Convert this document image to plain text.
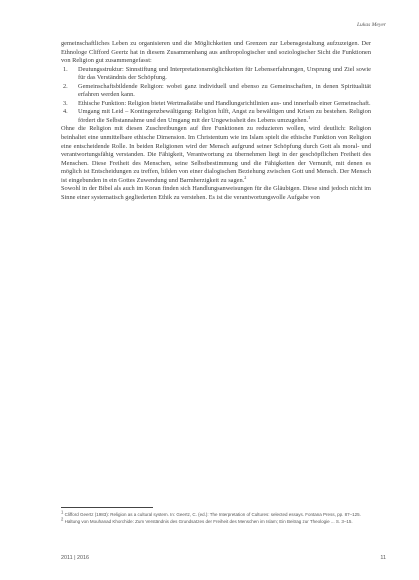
Lukas Meyer

gemeinschaftliches Leben zu organisieren und die Möglichkeiten und Grenzen zur Lebensgestaltung aufzuzeigen. Der Ethnologe Clifford Geertz hat in diesem Zusammenhang aus anthropologischer und soziologischer Sicht die Funktionen von Religion gut zusammengefasst:

1. Deutungsstruktur: Sinnstiftung und Interpretationsmöglichkeiten für Lebenserfahrungen, Ursprung und Ziel sowie für das Verständnis der Schöpfung.
2. Gemeinschaftsbildende Religion: wobei ganz individuell und ebenso zu Gemeinschaften, in denen Spiritualität erfahren werden kann.
3. Ethische Funktion: Religion bietet Wertmaßstäbe und Handlungsrichtlinien aus- und innerhalb einer Gemeinschaft.
4. Umgang mit Leid – Kontingenzbewältigung: Religion hilft, Angst zu bewältigen und Krisen zu bestehen. Religion fördert die Selbstannahme und den Umgang mit der Ungewissheit des Lebens umzugehen.$^1$

Ohne die Religion mit diesen Zuschreibungen auf ihre Funktionen zu reduzieren wollen, wird deutlich: Religion beinhaltet eine unmittelbare ethische Dimension. Im Christentum wie im Islam spielt die ethische Funktion von Religion eine entscheidende Rolle. In beiden Religionen wird der Mensch aufgrund seiner Schöpfung durch Gott als moral- und verantwortungsfähig verstanden. Die Fähigkeit, Verantwortung zu übernehmen liegt in der geschöpflichen Freiheit des Menschen. Diese Freiheit des Menschen, seine Selbstbestimmung und die Fähigkeiten der Vernunft, mit denen es möglich ist Entscheidungen zu treffen, bilden von einer dialogischen Beziehung zwischen Gott und Mensch. Der Mensch ist eingebunden in ein Gottes Zuwendung und Barmherzigkeit zu sagen.$^2$

Sowohl in der Bibel als auch im Koran finden sich Handlungsanweisungen für die Gläubigen. Diese sind jedoch nicht im Sinne einer systematisch gegliederten Ethik zu verstehen. Es ist die verantwortungsvolle Aufgabe von

1 Clifford Geertz (1983): Religion as a cultural system. In: Geertz, C. (ed.): The Interpretation of Cultures: selected essays. Fontana Press, pp. 87–125.

2 Haltung von Mouhanad Khorchide: Zum Verständnis des Grundsatzes der Freiheit des Menschen im Islam; Ein Beitrag zur Theologie ... S. 3–15.

2011 | 2016	11
